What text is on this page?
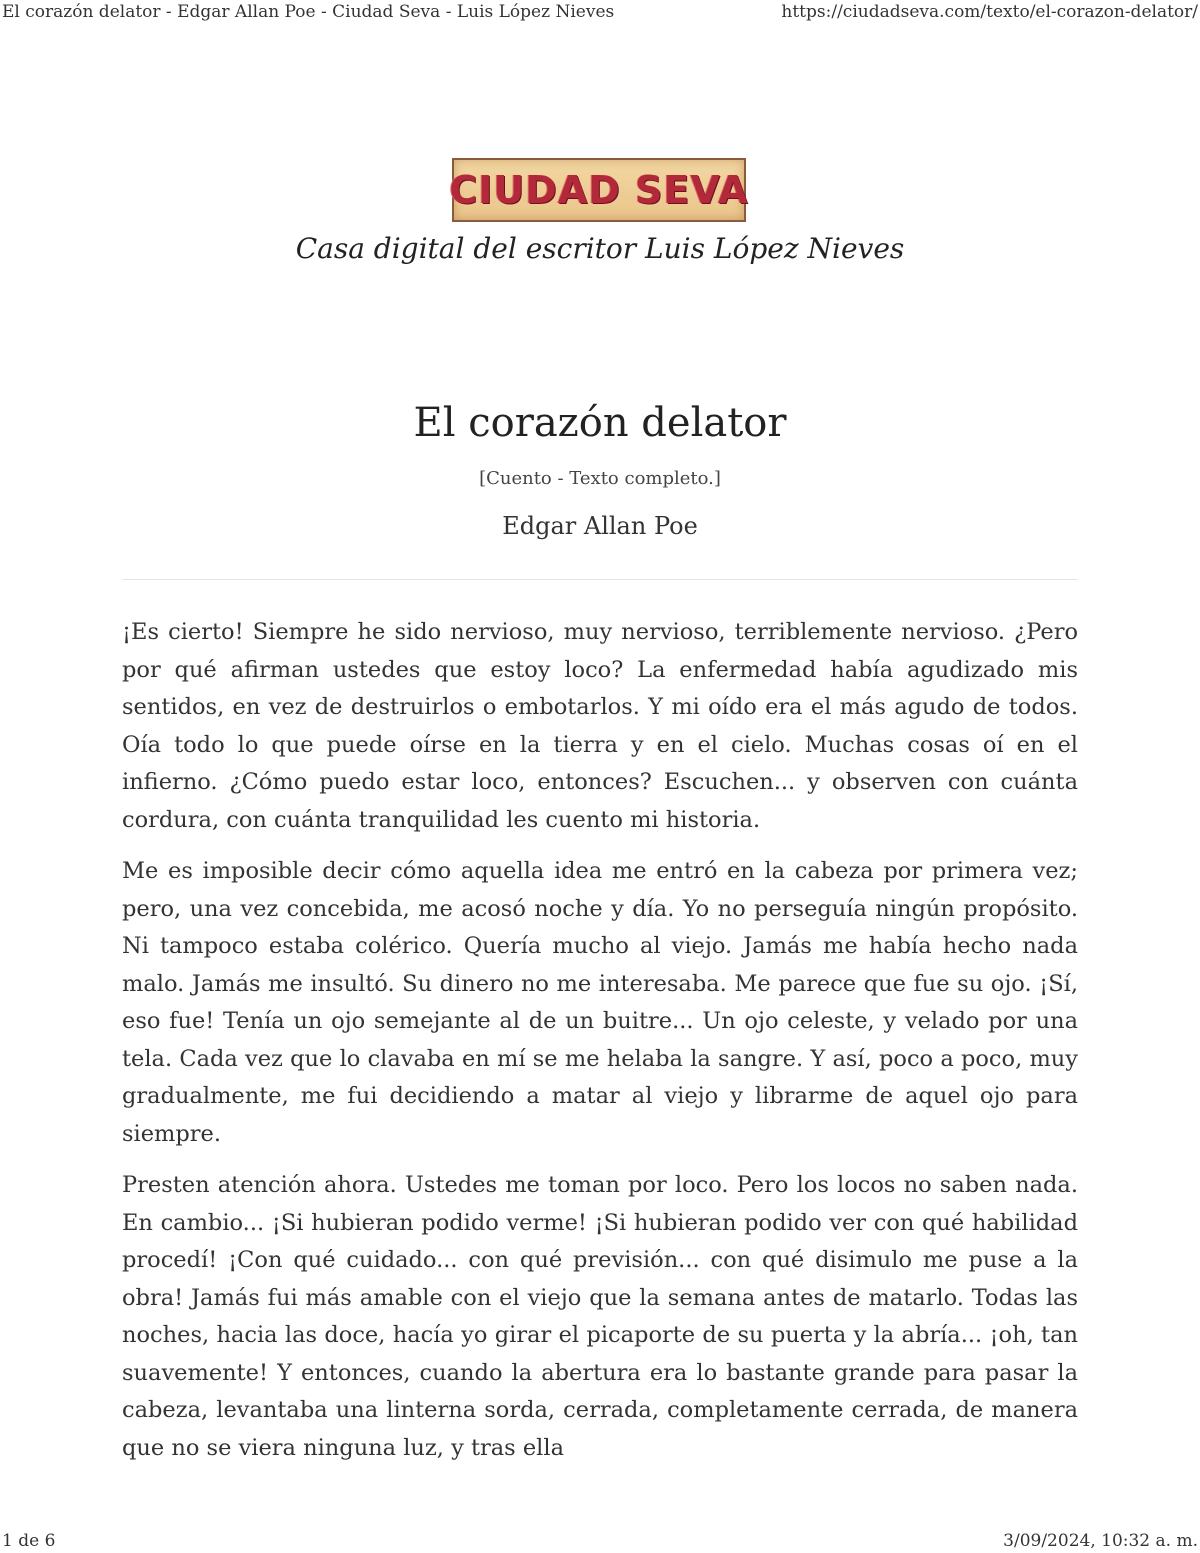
El corazón delator - Edgar Allan Poe - Ciudad Seva - Luis López Nieves	https://ciudadseva.com/texto/el-corazon-delator/
CIUDAD SEVA
Casa digital del escritor Luis López Nieves
El corazón delator
[Cuento - Texto completo.]
Edgar Allan Poe

¡Es cierto! Siempre he sido nervioso, muy nervioso, terriblemente nervioso. ¿Pero por qué afirman ustedes que estoy loco? La enfermedad había agudizado mis sentidos, en vez de destruirlos o embotarlos. Y mi oído era el más agudo de todos. Oía todo lo que puede oírse en la tierra y en el cielo. Muchas cosas oí en el infierno. ¿Cómo puedo estar loco, entonces? Escuchen... y observen con cuánta cordura, con cuánta tranquilidad les cuento mi historia.

Me es imposible decir cómo aquella idea me entró en la cabeza por primera vez; pero, una vez concebida, me acosó noche y día. Yo no perseguía ningún propósito. Ni tampoco estaba colérico. Quería mucho al viejo. Jamás me había hecho nada malo. Jamás me insultó. Su dinero no me interesaba. Me parece que fue su ojo. ¡Sí, eso fue! Tenía un ojo semejante al de un buitre... Un ojo celeste, y velado por una tela. Cada vez que lo clavaba en mí se me helaba la sangre. Y así, poco a poco, muy gradualmente, me fui decidiendo a matar al viejo y librarme de aquel ojo para siempre.

Presten atención ahora. Ustedes me toman por loco. Pero los locos no saben nada. En cambio... ¡Si hubieran podido verme! ¡Si hubieran podido ver con qué habilidad procedí! ¡Con qué cuidado... con qué previsión... con qué disimulo me puse a la obra! Jamás fui más amable con el viejo que la semana antes de matarlo. Todas las noches, hacia las doce, hacía yo girar el picaporte de su puerta y la abría... ¡oh, tan suavemente! Y entonces, cuando la abertura era lo bastante grande para pasar la cabeza, levantaba una linterna sorda, cerrada, completamente cerrada, de manera que no se viera ninguna luz, y tras ella

1 de 6	3/09/2024, 10:32 a. m.
